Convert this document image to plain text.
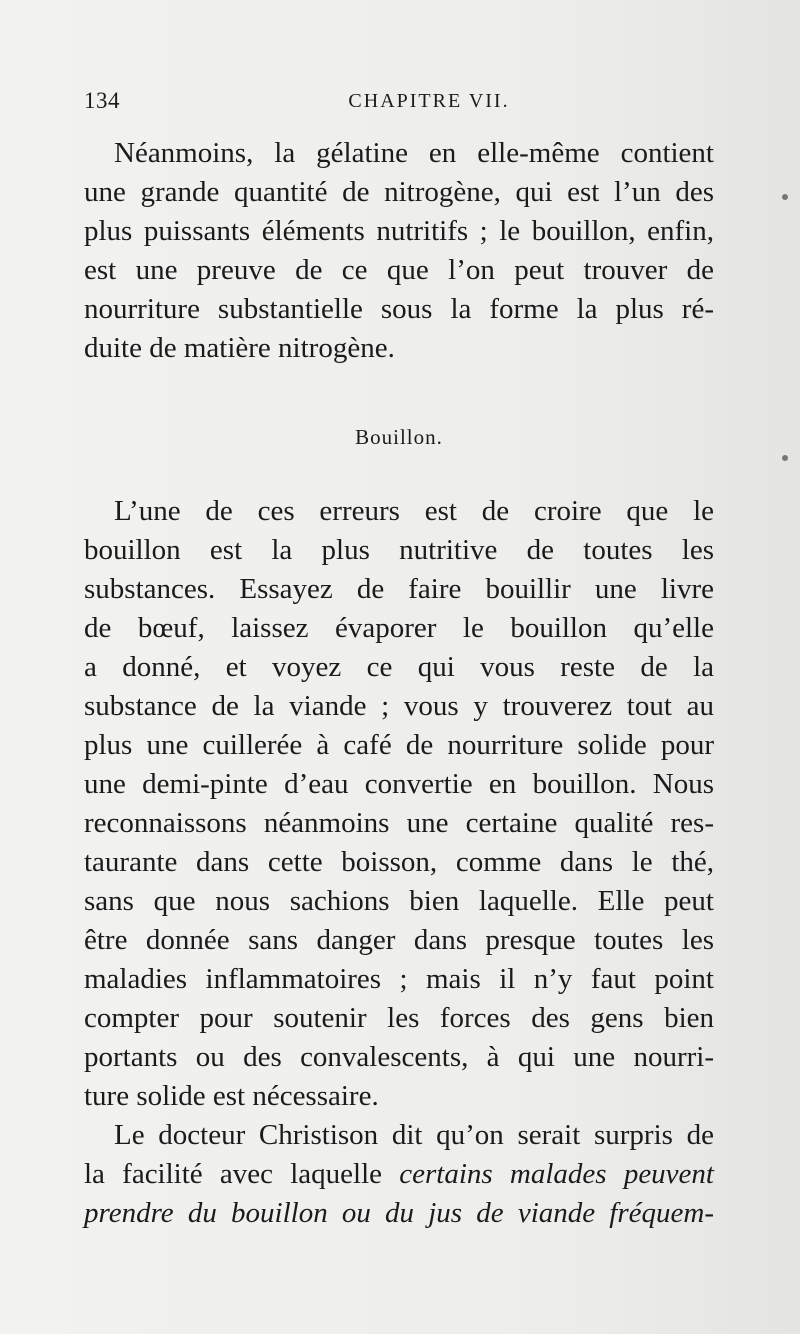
134	CHAPITRE VII.
Néanmoins, la gélatine en elle-même contient
une grande quantité de nitrogène, qui est l’un des
plus puissants éléments nutritifs ; le bouillon, enfin,
est une preuve de ce que l’on peut trouver de
nourriture substantielle sous la forme la plus ré-
duite de matière nitrogène.
Bouillon.
L’une de ces erreurs est de croire que le
bouillon est la plus nutritive de toutes les
substances. Essayez de faire bouillir une livre
de bœuf, laissez évaporer le bouillon qu’elle
a donné, et voyez ce qui vous reste de la
substance de la viande ; vous y trouverez tout au
plus une cuillerée à café de nourriture solide pour
une demi-pinte d’eau convertie en bouillon. Nous
reconnaissons néanmoins une certaine qualité res-
taurante dans cette boisson, comme dans le thé,
sans que nous sachions bien laquelle. Elle peut
être donnée sans danger dans presque toutes les
maladies inflammatoires ; mais il n’y faut point
compter pour soutenir les forces des gens bien
portants ou des convalescents, à qui une nourri-
ture solide est nécessaire.
Le docteur Christison dit qu’on serait surpris de
la facilité avec laquelle certains malades peuvent
prendre du bouillon ou du jus de viande fréquem-
